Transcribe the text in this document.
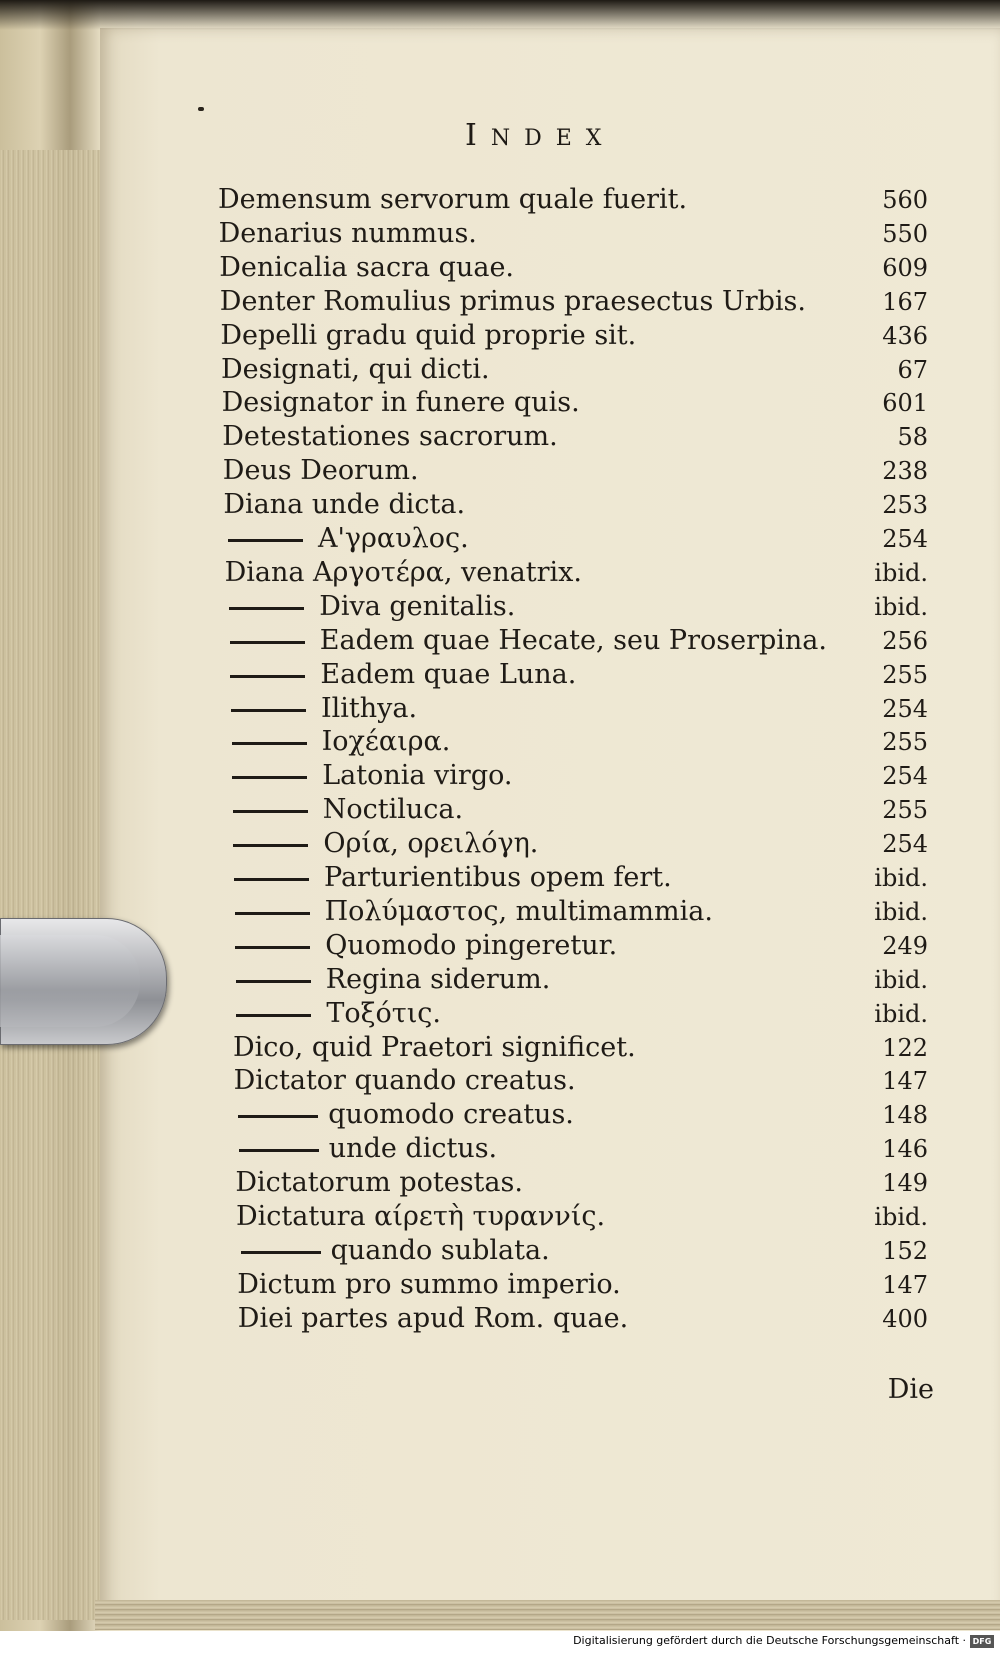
INDEX
Demensum servorum quale fuerit.	560
Denarius nummus.	550
Denicalia sacra quae.	609
Denter Romulius primus praesectus Urbis.	167
Depelli gradu quid proprie sit.	436
Designati, qui dicti.	67
Designator in funere quis.	601
Detestationes sacrorum.	58
Deus Deorum.	238
Diana unde dicta.	253
Α'γραυλος.	254
Diana Αργοτέρα, venatrix.	ibid.
Diva genitalis.	ibid.
Eadem quae Hecate, seu Proserpina. 256
Eadem quae Luna.	255
Ilithya.	254
Ιοχέαιρα.	255
Latonia virgo.	254
Noctiluca.	255
Ορία, ορειλόγη.	254
Parturientibus opem fert.	ibid.
Πολύμαστος, multimammia.	ibid.
Quomodo pingeretur.	249
Regina siderum.	ibid.
Τοξότις.	ibid.
Dico, quid Praetori significet.	122
Dictator quando creatus.	147
quomodo creatus.	148
unde dictus.	146
Dictatorum potestas.	149
Dictatura αίρετὴ τυραννίς.	ibid.
quando sublata.	152
Dictum pro summo imperio.	147
Diei partes apud Rom. quae.	400
Die
Digitalisierung gefördert durch die Deutsche Forschungsgemeinschaft · DFG
